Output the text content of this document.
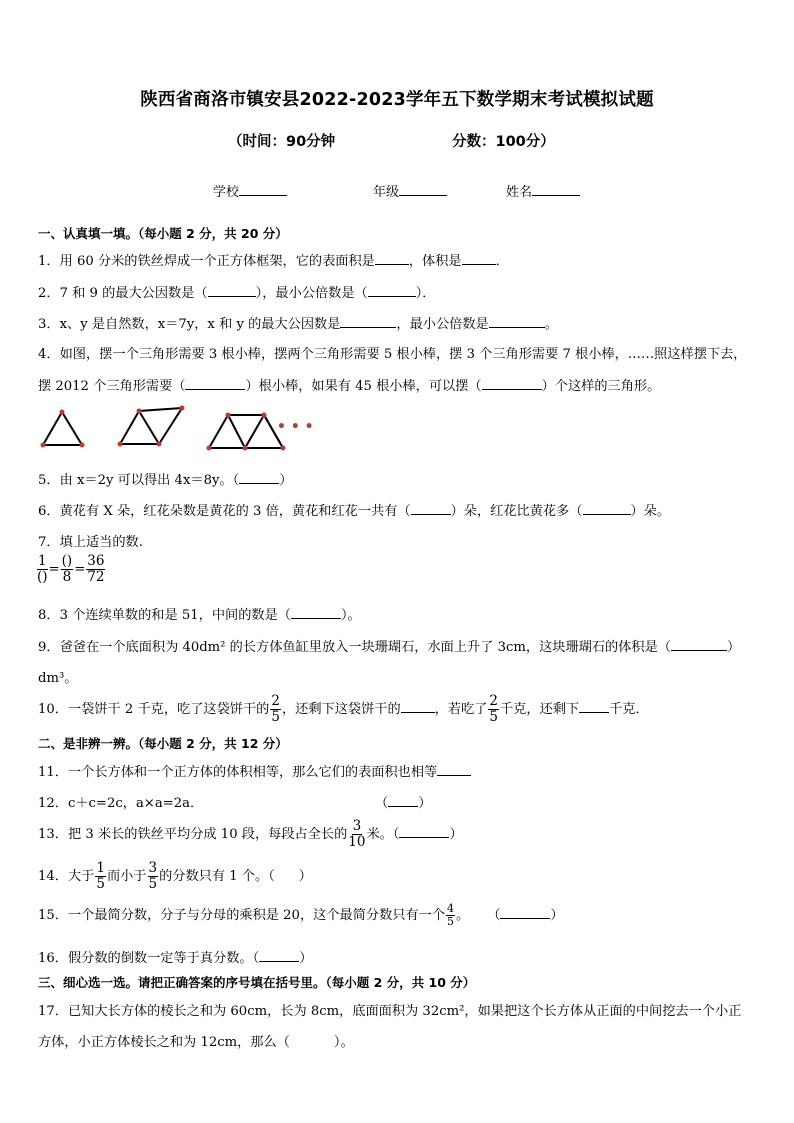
陕西省商洛市镇安县2022-2023学年五下数学期末考试模拟试题
（时间：90分钟	分数：100分）
学校	年级	姓名
一、认真填一填。（每小题 2 分，共 20 分）
1．用 60 分米的铁丝焊成一个正方体框架，它的表面积是	，体积是	．
2．7 和 9 的最大公因数是（	），最小公倍数是（	）．
3．x、y 是自然数，x＝7y，x 和 y 的最大公因数是	，最小公倍数是	。
4．如图，摆一个三角形需要 3 根小棒，摆两个三角形需要 5 根小棒，摆 3 个三角形需要 7 根小棒，……照这样摆下去，
摆 2012 个三角形需要（	）根小棒，如果有 45 根小棒，可以摆（	）个这样的三角形。
• • •
5．由 x＝2y 可以得出 4x＝8y。（	）
6．黄花有 X 朵，红花朵数是黄花的 3 倍，黄花和红花一共有（	）朵，红花比黄花多（	）朵。
7．填上适当的数.
$\frac{1}{()} = \frac{()}{8} = \frac{36}{72}$
8．3 个连续单数的和是 51，中间的数是（	）。
9．爸爸在一个底面积为 40dm² 的长方体鱼缸里放入一块珊瑚石，水面上升了 3cm，这块珊瑚石的体积是（	）
dm³。
10．一袋饼干 2 千克，吃了这袋饼干的 $\frac{2}{5}$ ，还剩下这袋饼干的	，若吃了 $\frac{2}{5}$ 千克，还剩下 千克．
二、是非辨一辨。（每小题 2 分，共 12 分）
11．一个长方体和一个正方体的体积相等，那么它们的表面积也相等
12．c＋c=2c，a×a=2a．	（ ）
13．把 3 米长的铁丝平均分成 10 段，每段占全长的 $\frac{3}{10}$ 米。（	）
14．大于 $\frac{1}{5}$ 而小于 $\frac{3}{5}$ 的分数只有 1 个。（ ）
15．一个最简分数，分子与分母的乘积是 20，这个最简分数只有一个 $\frac{4}{5}$ 。 （	）
16．假分数的倒数一定等于真分数。（	）
三、细心选一选。请把正确答案的序号填在括号里。（每小题 2 分，共 10 分）
17．已知大长方体的棱长之和为 60cm，长为 8cm，底面面积为 32cm²，如果把这个长方体从正面的中间挖去一个小正
方体，小正方体棱长之和为 12cm，那么（	）。
